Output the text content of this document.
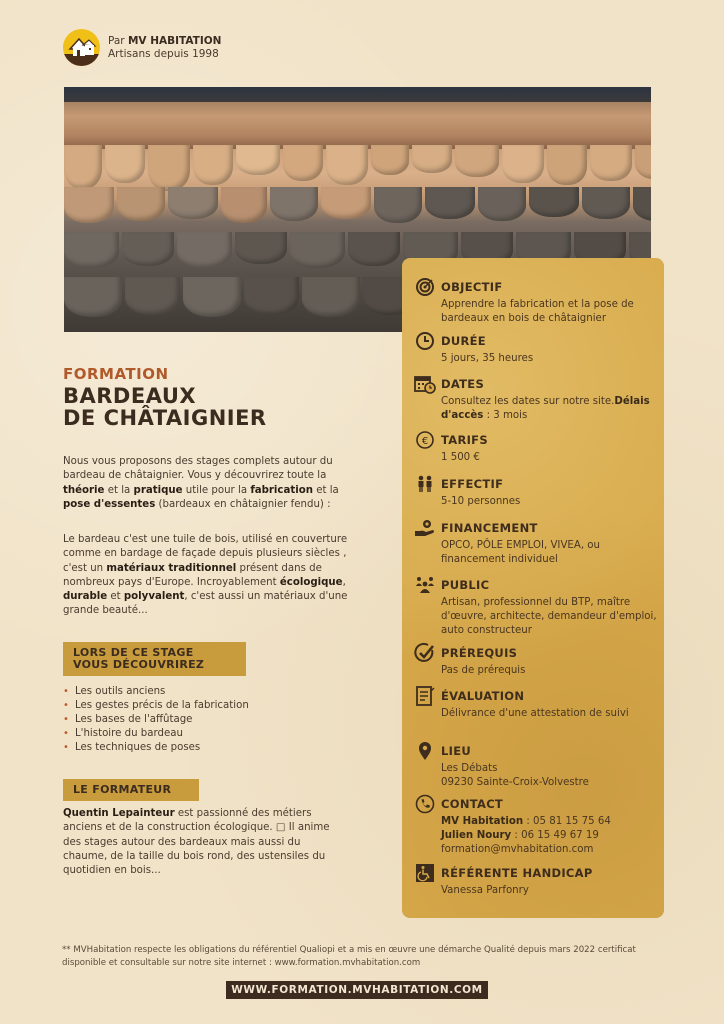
Par MV HABITATION
Artisans depuis 1998
FORMATION
BARDEAUX
DE CHÂTAIGNIER
Nous vous proposons des stages complets autour du bardeau de châtaignier. Vous y découvrirez toute la théorie et la pratique utile pour la fabrication et la pose d'essentes (bardeaux en châtaignier fendu) :
Le bardeau c'est une tuile de bois, utilisé en couverture comme en bardage de façade depuis plusieurs siècles , c'est un matériaux traditionnel présent dans de nombreux pays d'Europe. Incroyablement écologique, durable et polyvalent, c'est aussi un matériaux d'une grande beauté...
LORS DE CE STAGE
VOUS DÉCOUVRIREZ
• Les outils anciens
• Les gestes précis de la fabrication
• Les bases de l'affûtage
• L'histoire du bardeau
• Les techniques de poses
LE FORMATEUR
Quentin Lepainteur est passionné des métiers anciens et de la construction écologique. □ Il anime des stages autour des bardeaux mais aussi du chaume, de la taille du bois rond, des ustensiles du quotidien en bois...
OBJECTIF
Apprendre la fabrication et la pose de bardeaux en bois de châtaignier
DURÉE
5 jours, 35 heures
DATES
Consultez les dates sur notre site.Délais d'accès : 3 mois
€ TARIFS
1 500 €
EFFECTIF
5-10 personnes
FINANCEMENT
OPCO, PÔLE EMPLOI, VIVEA, ou financement individuel
PUBLIC
Artisan, professionnel du BTP, maître d'œuvre, architecte, demandeur d'emploi, auto constructeur
PRÉREQUIS
Pas de prérequis
ÉVALUATION
Délivrance d'une attestation de suivi
LIEU
Les Débats
09230 Sainte-Croix-Volvestre
CONTACT
MV Habitation : 05 81 15 75 64
Julien Noury : 06 15 49 67 19
formation@mvhabitation.com
RÉFÉRENTE HANDICAP
Vanessa Parfonry
** MVHabitation respecte les obligations du référentiel Qualiopi et a mis en œuvre une démarche Qualité depuis mars 2022 certificat disponible et consultable sur notre site internet : www.formation.mvhabitation.com
WWW.FORMATION.MVHABITATION.COM
